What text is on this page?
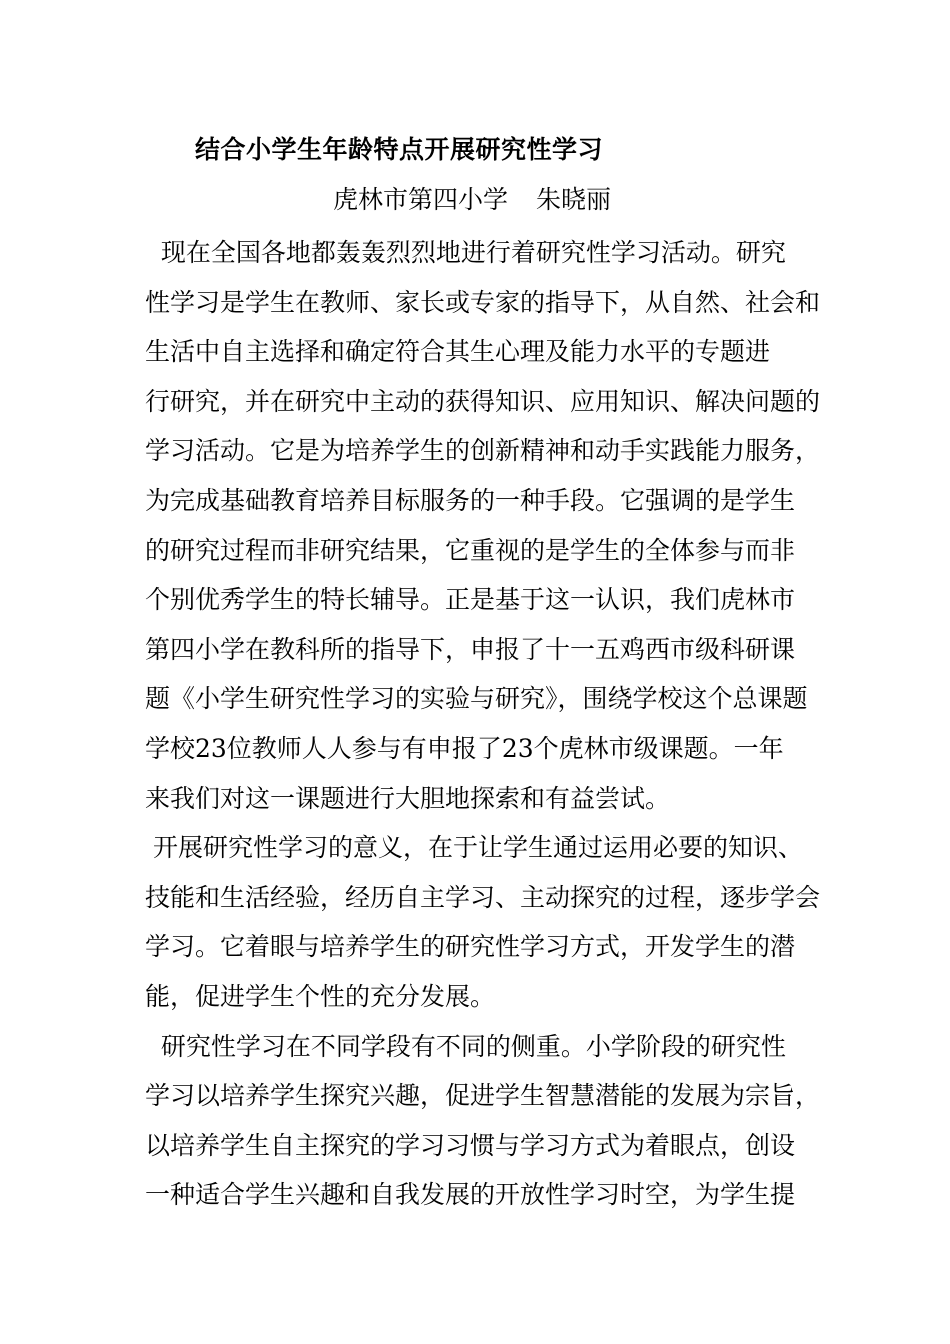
结合小学生年龄特点开展研究性学习
虎林市第四小学 朱晓丽
现在全国各地都轰轰烈烈地进行着研究性学习活动。研究
性学习是学生在教师、家长或专家的指导下，从自然、社会和
生活中自主选择和确定符合其生心理及能力水平的专题进
行研究，并在研究中主动的获得知识、应用知识、解决问题的
学习活动。它是为培养学生的创新精神和动手实践能力服务，
为完成基础教育培养目标服务的一种手段。它强调的是学生
的研究过程而非研究结果，它重视的是学生的全体参与而非
个别优秀学生的特长辅导。正是基于这一认识，我们虎林市
第四小学在教科所的指导下，申报了十一五鸡西市级科研课
题《小学生研究性学习的实验与研究》，围绕学校这个总课题
学校23位教师人人参与有申报了23个虎林市级课题。一年
来我们对这一课题进行大胆地探索和有益尝试。
开展研究性学习的意义，在于让学生通过运用必要的知识、
技能和生活经验，经历自主学习、主动探究的过程，逐步学会
学习。它着眼与培养学生的研究性学习方式，开发学生的潜
能，促进学生个性的充分发展。
研究性学习在不同学段有不同的侧重。小学阶段的研究性
学习以培养学生探究兴趣，促进学生智慧潜能的发展为宗旨，
以培养学生自主探究的学习习惯与学习方式为着眼点，创设
一种适合学生兴趣和自我发展的开放性学习时空，为学生提
